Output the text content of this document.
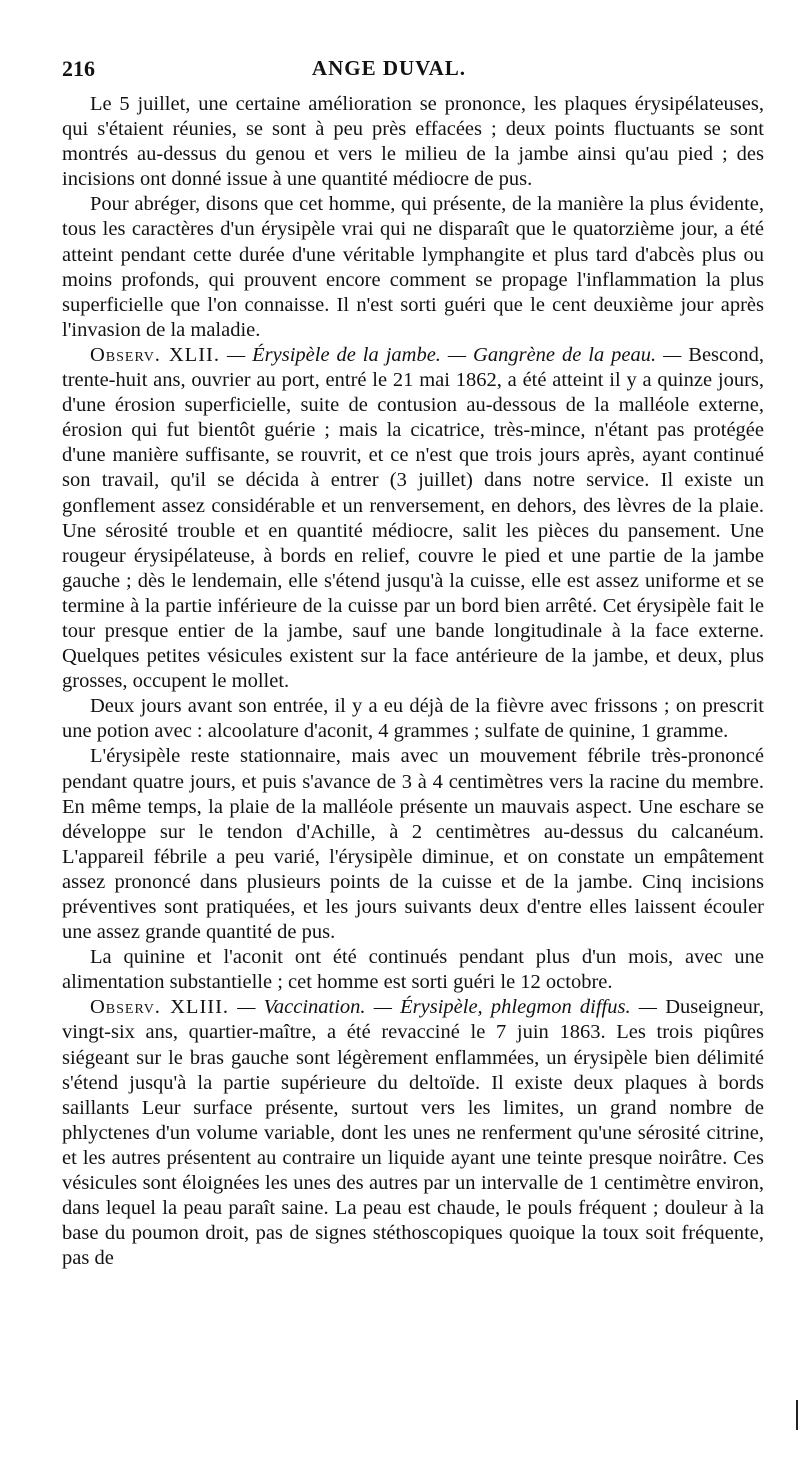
216	ANGE DUVAL.

Le 5 juillet, une certaine amélioration se prononce, les plaques érysipélateuses, qui s'étaient réunies, se sont à peu près effacées ; deux points fluctuants se sont montrés au-dessus du genou et vers le milieu de la jambe ainsi qu'au pied ; des incisions ont donné issue à une quantité médiocre de pus.

Pour abréger, disons que cet homme, qui présente, de la manière la plus évidente, tous les caractères d'un érysipèle vrai qui ne disparaît que le quatorzième jour, a été atteint pendant cette durée d'une véritable lymphangite et plus tard d'abcès plus ou moins profonds, qui prouvent encore comment se propage l'inflammation la plus superficielle que l'on connaisse. Il n'est sorti guéri que le cent deuxième jour après l'invasion de la maladie.

Observ. XLII. — Érysipèle de la jambe. — Gangrène de la peau. — Bescond, trente-huit ans, ouvrier au port, entré le 21 mai 1862, a été atteint il y a quinze jours, d'une érosion superficielle, suite de contusion au-dessous de la malléole externe, érosion qui fut bientôt guérie ; mais la cicatrice, très-mince, n'étant pas protégée d'une manière suffisante, se rouvrit, et ce n'est que trois jours après, ayant continué son travail, qu'il se décida à entrer (3 juillet) dans notre service. Il existe un gonflement assez considérable et un renversement, en dehors, des lèvres de la plaie. Une sérosité trouble et en quantité médiocre, salit les pièces du pansement. Une rougeur érysipélateuse, à bords en relief, couvre le pied et une partie de la jambe gauche ; dès le lendemain, elle s'étend jusqu'à la cuisse, elle est assez uniforme et se termine à la partie inférieure de la cuisse par un bord bien arrêté. Cet érysipèle fait le tour presque entier de la jambe, sauf une bande longitudinale à la face externe. Quelques petites vésicules existent sur la face antérieure de la jambe, et deux, plus grosses, occupent le mollet.

Deux jours avant son entrée, il y a eu déjà de la fièvre avec frissons ; on prescrit une potion avec : alcoolature d'aconit, 4 grammes ; sulfate de quinine, 1 gramme.

L'érysipèle reste stationnaire, mais avec un mouvement fébrile très-prononcé pendant quatre jours, et puis s'avance de 3 à 4 centimètres vers la racine du membre. En même temps, la plaie de la malléole présente un mauvais aspect. Une eschare se développe sur le tendon d'Achille, à 2 centimètres au-dessus du calcanéum. L'appareil fébrile a peu varié, l'érysipèle diminue, et on constate un empâtement assez prononcé dans plusieurs points de la cuisse et de la jambe. Cinq incisions préventives sont pratiquées, et les jours suivants deux d'entre elles laissent écouler une assez grande quantité de pus.

La quinine et l'aconit ont été continués pendant plus d'un mois, avec une alimentation substantielle ; cet homme est sorti guéri le 12 octobre.

Observ. XLIII. — Vaccination. — Érysipèle, phlegmon diffus. — Duseigneur, vingt-six ans, quartier-maître, a été revacciné le 7 juin 1863. Les trois piqûres siégeant sur le bras gauche sont légèrement enflammées, un érysipèle bien délimité s'étend jusqu'à la partie supérieure du deltoïde. Il existe deux plaques à bords saillants Leur surface présente, surtout vers les limites, un grand nombre de phlyctenes d'un volume variable, dont les unes ne renferment qu'une sérosité citrine, et les autres présentent au contraire un liquide ayant une teinte presque noirâtre. Ces vésicules sont éloignées les unes des autres par un intervalle de 1 centimètre environ, dans lequel la peau paraît saine. La peau est chaude, le pouls fréquent ; douleur à la base du poumon droit, pas de signes stéthoscopiques quoique la toux soit fréquente, pas de
